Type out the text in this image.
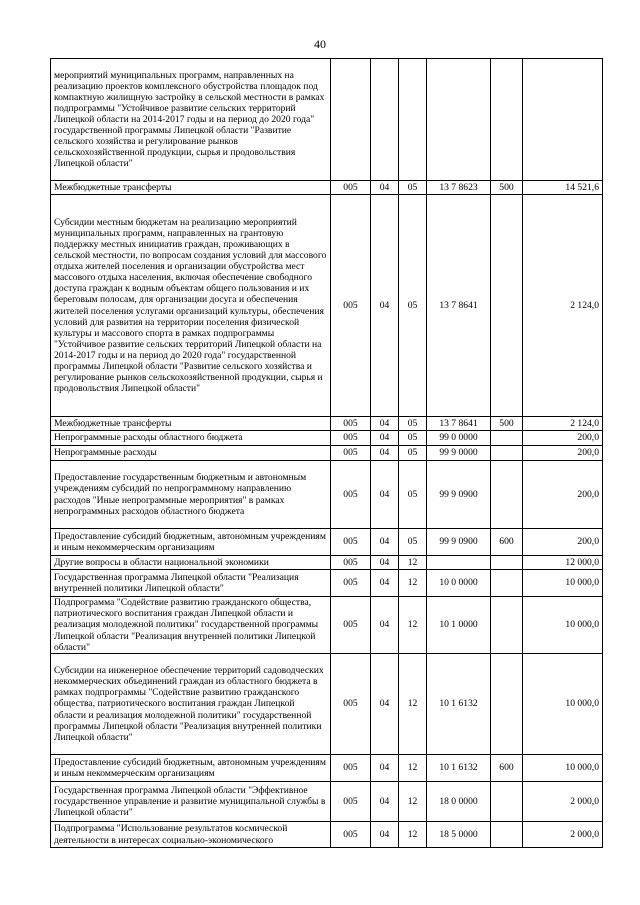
40
мероприятий муниципальных программ, направленных на реализацию проектов комплексного обустройства площадок под компактную жилищную застройку в сельской местности в рамках подпрограммы "Устойчивое развитие сельских территорий Липецкой области на 2014-2017 годы и на период до 2020 года" государственной программы Липецкой области "Развитие сельского хозяйства и регулирование рынков сельскохозяйственной продукции, сырья и продовольствия Липецкой области"						
Межбюджетные трансферты	005	04	05	13 7 8623	500	14 521,6
Субсидии местным бюджетам на реализацию мероприятий муниципальных программ, направленных на грантовую поддержку местных инициатив граждан, проживающих в сельской местности, по вопросам создания условий для массового отдыха жителей поселения и организации обустройства мест массового отдыха населения, включая обеспечение свободного доступа граждан к водным объектам общего пользования и их береговым полосам, для организации досуга и обеспечения жителей поселения услугами организаций культуры, обеспечения условий для развития на территории поселения физической культуры и массового спорта в рамках подпрограммы "Устойчивое развитие сельских территорий Липецкой области на 2014-2017 годы и на период до 2020 года" государственной программы Липецкой области "Развитие сельского хозяйства и регулирование рынков сельскохозяйственной продукции, сырья и продовольствия Липецкой области"	005	04	05	13 7 8641		2 124,0
Межбюджетные трансферты	005	04	05	13 7 8641	500	2 124,0
Непрограммные расходы областного бюджета	005	04	05	99 0 0000		200,0
Непрограммные расходы	005	04	05	99 9 0000		200,0
Предоставление государственным бюджетным и автономным учреждениям субсидий по непрограммному направлению расходов "Иные непрограммные мероприятия" в рамках непрограммных расходов областного бюджета	005	04	05	99 9 0900		200,0
Предоставление субсидий бюджетным, автономным учреждениям и иным некоммерческим организациям	005	04	05	99 9 0900	600	200,0
Другие вопросы в области национальной экономики	005	04	12			12 000,0
Государственная программа Липецкой области "Реализация внутренней политики Липецкой области"	005	04	12	10 0 0000		10 000,0
Подпрограмма "Содействие развитию гражданского общества, патриотического воспитания граждан Липецкой области и реализация молодежной политики" государственной программы Липецкой области "Реализация внутренней политики Липецкой области"	005	04	12	10 1 0000		10 000,0
Субсидии на инженерное обеспечение территорий садоводческих некоммерческих объединений граждан из областного бюджета в рамках подпрограммы "Содействие развитию гражданского общества, патриотического воспитания граждан Липецкой области и реализация молодежной политики" государственной программы Липецкой области "Реализация внутренней политики Липецкой области"	005	04	12	10 1 6132		10 000,0
Предоставление субсидий бюджетным, автономным учреждениям и иным некоммерческим организациям	005	04	12	10 1 6132	600	10 000,0
Государственная программа Липецкой области "Эффективное государственное управление и развитие муниципальной службы в Липецкой области"	005	04	12	18 0 0000		2 000,0
Подпрограмма "Использование результатов космической деятельности в интересах социально-экономического	005	04	12	18 5 0000		2 000,0
